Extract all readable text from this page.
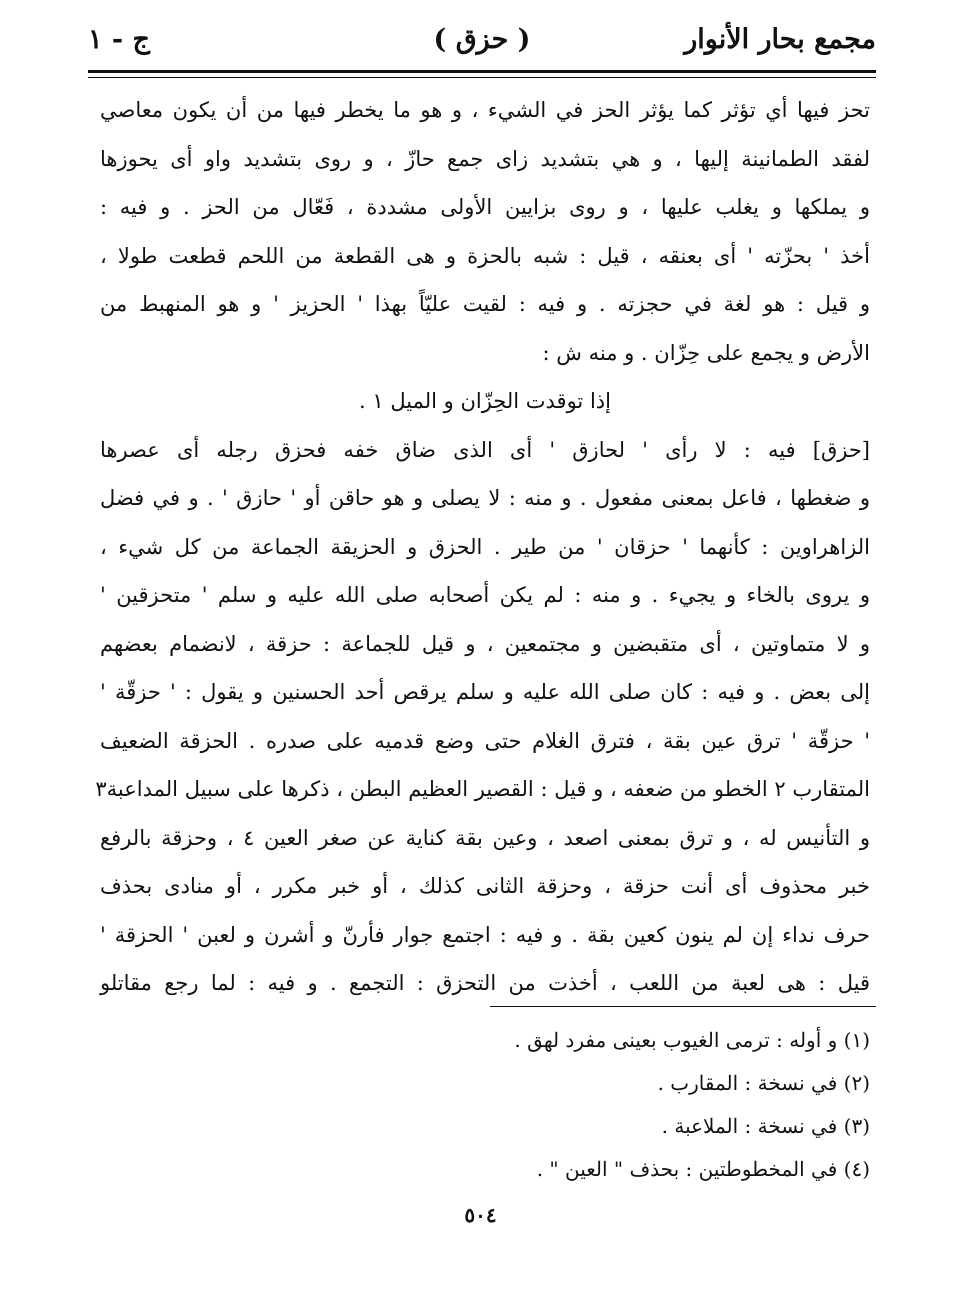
مجمع بحار الأنوار
( حزق )
ج - ١
تحز فيها أي تؤثر كما يؤثر الحز في الشيء ، و هو ما يخطر فيها من أن يكون معاصي
لفقد الطمانينة إليها ، و هي بتشديد زاى جمع حازّ ، و روى بتشديد واو أى يحوزها
و يملكها و يغلب عليها ، و روى بزايين الأولى مشددة ، فَعّال من الحز . و فيه :
أخذ ' بحزّته ' أى بعنقه ، قيل : شبه بالحزة و هى القطعة من اللحم قطعت طولا ،
و قيل : هو لغة في حجزته . و فيه : لقيت عليّاً بهذا ' الحزيز ' و هو المنهبط من
الأرض و يجمع على حِزّان . و منه ش :
إذا توقدت الحِزّان و الميل ١ .
[حزق] فيه : لا رأى ' لحازق ' أى الذى ضاق خفه فحزق رجله أى عصرها
و ضغطها ، فاعل بمعنى مفعول . و منه : لا يصلى و هو حاقن أو ' حازق ' . و في فضل
الزاهراوين : كأنهما ' حزقان ' من طير . الحزق و الحزيقة الجماعة من كل شيء ،
و يروى بالخاء و يجيء . و منه : لم يكن أصحابه صلى الله عليه و سلم ' متحزقين '
و لا متماوتين ، أى متقبضين و مجتمعين ، و قيل للجماعة : حزقة ، لانضمام بعضهم
إلى بعض . و فيه : كان صلى الله عليه و سلم يرقص أحد الحسنين و يقول : ' حزقّة '
' حزقّة ' ترق عين بقة ، فترق الغلام حتى وضع قدميه على صدره . الحزقة الضعيف
المتقارب ٢ الخطو من ضعفه ، و قيل : القصير العظيم البطن ، ذكرها على سبيل المداعبة٣
و التأنيس له ، و ترق بمعنى اصعد ، وعين بقة كناية عن صغر العين ٤ ، وحزقة بالرفع
خبر محذوف أى أنت حزقة ، وحزقة الثانى كذلك ، أو خبر مكرر ، أو منادى بحذف
حرف نداء إن لم ينون كعين بقة . و فيه : اجتمع جوار فأرنّ و أشرن و لعبن ' الحزقة '
قيل : هى لعبة من اللعب ، أخذت من التحزق : التجمع . و فيه : لما رجع مقاتلو
(١) و أوله : ترمى الغيوب بعينى مفرد لهق .
(٢) في نسخة : المقارب .
(٣) في نسخة : الملاعبة .
(٤) في المخطوطتين : بحذف " العين " .
٥٠٤
